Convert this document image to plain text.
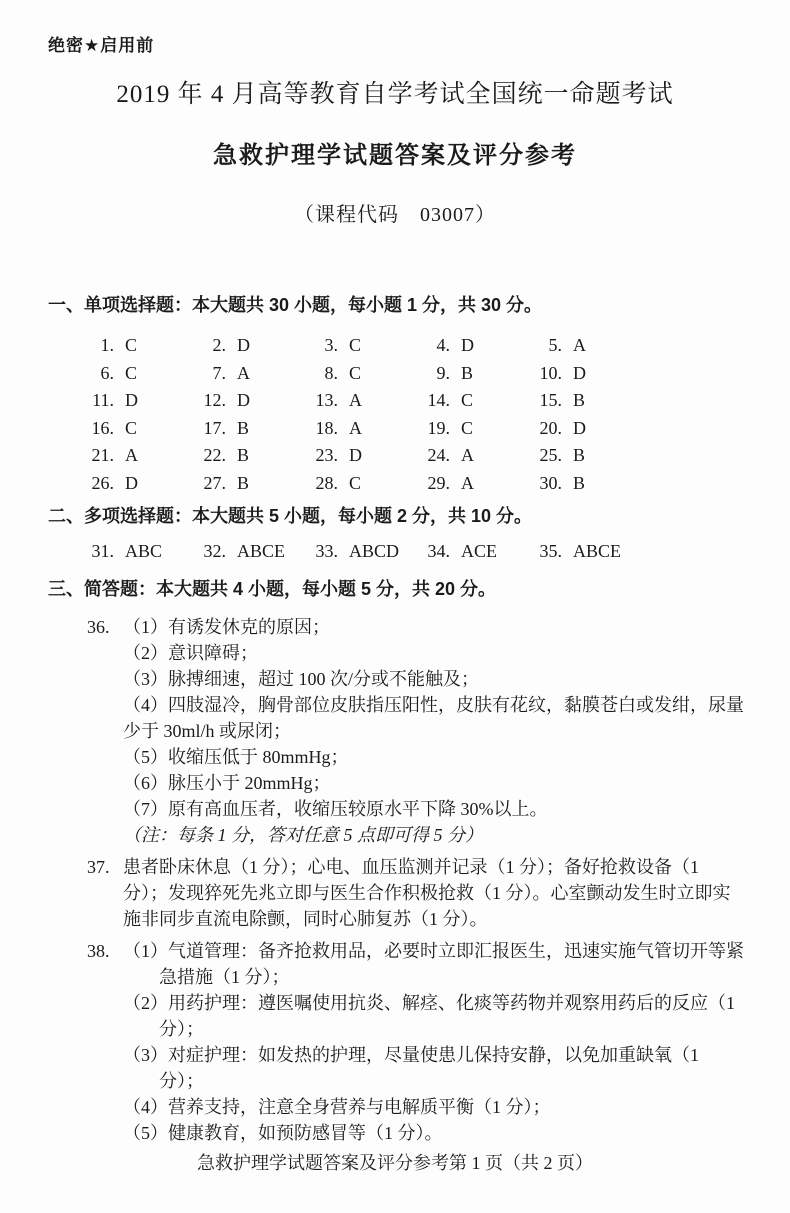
绝密★启用前
2019 年 4 月高等教育自学考试全国统一命题考试
急救护理学试题答案及评分参考
（课程代码　03007）
一、单项选择题：本大题共 30 小题，每小题 1 分，共 30 分。
1. C	2. D	3. C	4. D	5. A
6. C	7. A	8. C	9. B	10. D
11. D	12. D	13. A	14. C	15. B
16. C	17. B	18. A	19. C	20. D
21. A	22. B	23. D	24. A	25. B
26. D	27. B	28. C	29. A	30. B
二、多项选择题：本大题共 5 小题，每小题 2 分，共 10 分。
31. ABC	32. ABCE	33. ABCD	34. ACE	35. ABCE
三、简答题：本大题共 4 小题，每小题 5 分，共 20 分。
36. （1）有诱发休克的原因；
（2）意识障碍；
（3）脉搏细速，超过 100 次/分或不能触及；
（4）四肢湿冷，胸骨部位皮肤指压阳性，皮肤有花纹，黏膜苍白或发绀，尿量少于 30ml/h 或尿闭；
（5）收缩压低于 80mmHg；
（6）脉压小于 20mmHg；
（7）原有高血压者，收缩压较原水平下降 30%以上。
（注：每条 1 分，答对任意 5 点即可得 5 分）
37. 患者卧床休息（1 分）；心电、血压监测并记录（1 分）；备好抢救设备（1 分）；发现猝死先兆立即与医生合作积极抢救（1 分）。心室颤动发生时立即实施非同步直流电除颤，同时心肺复苏（1 分）。
38. （1）气道管理：备齐抢救用品，必要时立即汇报医生，迅速实施气管切开等紧急措施（1 分）；
（2）用药护理：遵医嘱使用抗炎、解痉、化痰等药物并观察用药后的反应（1 分）；
（3）对症护理：如发热的护理，尽量使患儿保持安静，以免加重缺氧（1 分）；
（4）营养支持，注意全身营养与电解质平衡（1 分）；
（5）健康教育，如预防感冒等（1 分）。
急救护理学试题答案及评分参考第 1 页（共 2 页）
